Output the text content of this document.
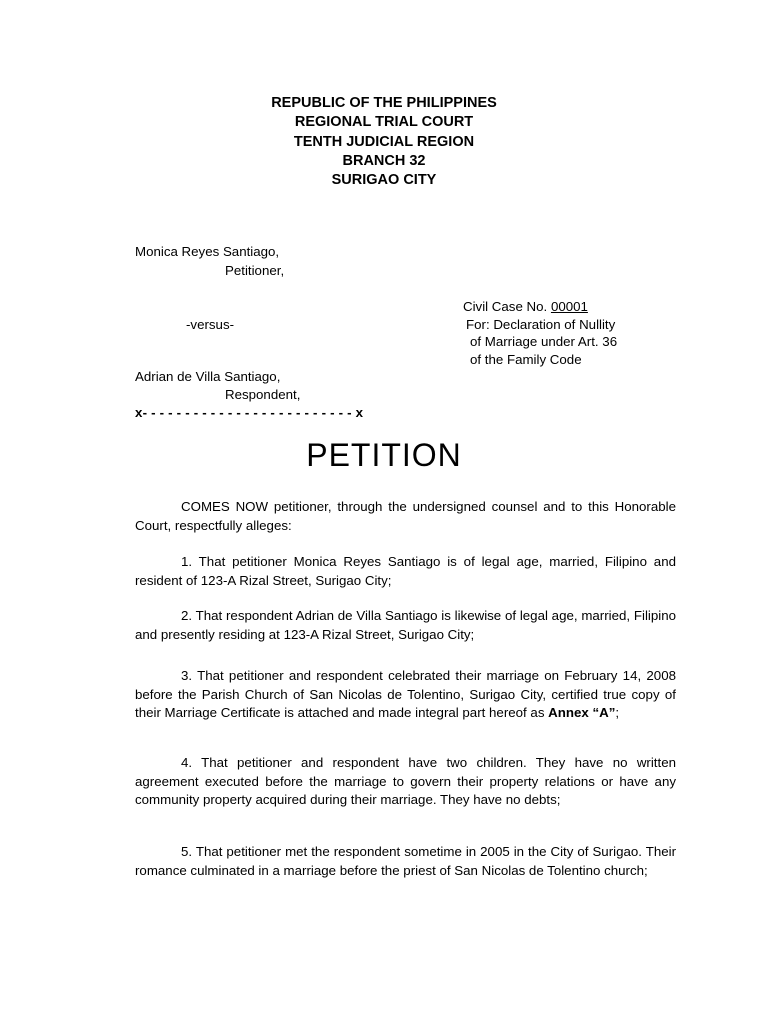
REPUBLIC OF THE PHILIPPINES
REGIONAL TRIAL COURT
TENTH JUDICIAL REGION
BRANCH 32
SURIGAO CITY
Monica Reyes Santiago,
Petitioner,
Civil Case No. 00001
-versus-	For: Declaration of Nullity
of Marriage under Art. 36
of the Family Code
Adrian de Villa Santiago,
Respondent,
x- - - - - - - - - - - - - - - - - - - - - - - - - x
PETITION

COMES NOW petitioner, through the undersigned counsel and to this Honorable Court, respectfully alleges:

1. That petitioner Monica Reyes Santiago is of legal age, married, Filipino and resident of 123-A Rizal Street, Surigao City;

2. That respondent Adrian de Villa Santiago is likewise of legal age, married, Filipino and presently residing at 123-A Rizal Street, Surigao City;

3. That petitioner and respondent celebrated their marriage on February 14, 2008 before the Parish Church of San Nicolas de Tolentino, Surigao City, certified true copy of their Marriage Certificate is attached and made integral part hereof as Annex “A”;

4. That petitioner and respondent have two children. They have no written agreement executed before the marriage to govern their property relations or have any community property acquired during their marriage. They have no debts;

5. That petitioner met the respondent sometime in 2005 in the City of Surigao. Their romance culminated in a marriage before the priest of San Nicolas de Tolentino church;
